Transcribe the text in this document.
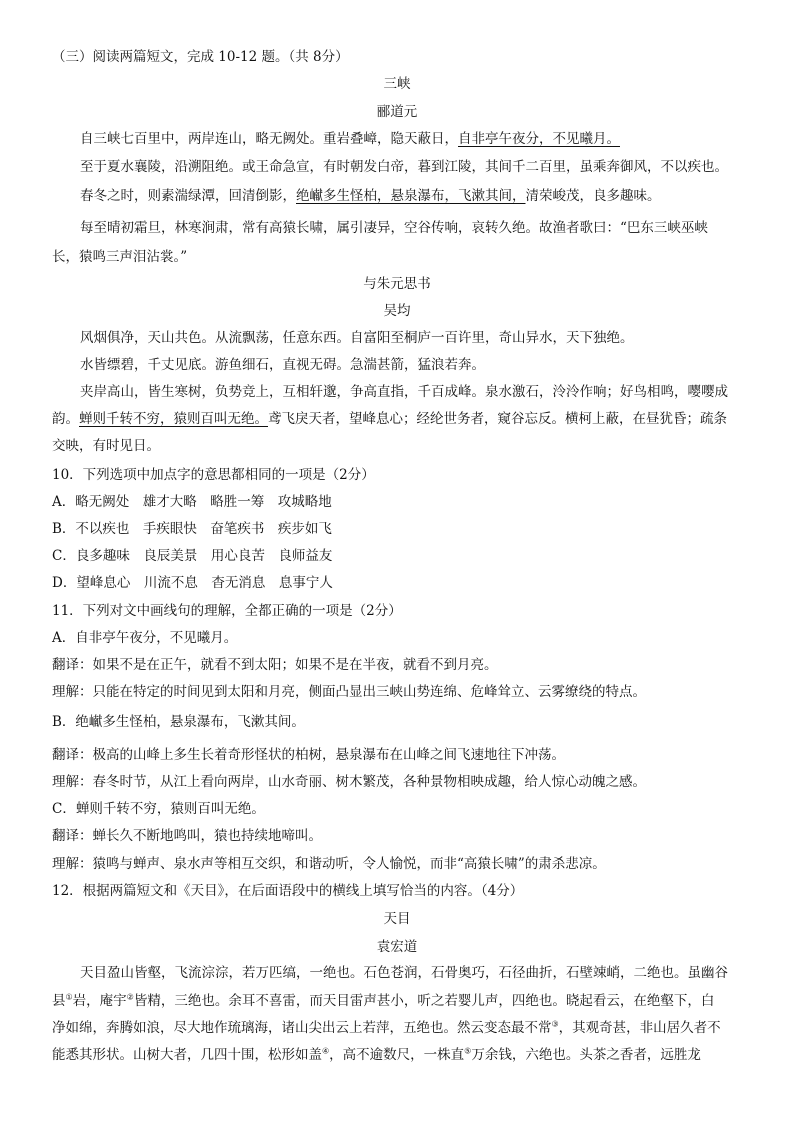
（三）阅读两篇短文，完成 10-12 题。（共 8分）
三峡
郦道元
自三峡七百里中，两岸连山，略无阙处。重岩叠嶂，隐天蔽日，自非亭午夜分，不见曦月。
至于夏水襄陵，沿溯阻绝。或王命急宣，有时朝发白帝，暮到江陵，其间千二百里，虽乘奔御风，不以疾也。
春冬之时，则素湍绿潭，回清倒影，绝𪩘多生怪柏，悬泉瀑布，飞漱其间，清荣峻茂，良多趣味。
每至晴初霜旦，林寒涧肃，常有高猿长啸，属引凄异，空谷传响，哀转久绝。故渔者歌曰：“巴东三峡巫峡
长，猿鸣三声泪沾裳。”
与朱元思书
吴均
风烟俱净，天山共色。从流飘荡，任意东西。自富阳至桐庐一百许里，奇山异水，天下独绝。
水皆缥碧，千丈见底。游鱼细石，直视无碍。急湍甚箭，猛浪若奔。
夹岸高山，皆生寒树，负势竞上，互相轩邈，争高直指，千百成峰。泉水激石，泠泠作响；好鸟相鸣，嘤嘤成
韵。蝉则千转不穷，猿则百叫无绝。鸢飞戾天者，望峰息心；经纶世务者，窥谷忘反。横柯上蔽，在昼犹昏；疏条
交映，有时见日。
10．下列选项中加点字的意思都相同的一项是（2分）
A．略无阙处　雄才大略　略胜一筹　攻城略地
B．不以疾也　手疾眼快　奋笔疾书　疾步如飞
C．良多趣味　良辰美景　用心良苦　良师益友
D．望峰息心　川流不息　杳无消息　息事宁人
11．下列对文中画线句的理解，全都正确的一项是（2分）
A．自非亭午夜分，不见曦月。
翻译：如果不是在正午，就看不到太阳；如果不是在半夜，就看不到月亮。
理解：只能在特定的时间见到太阳和月亮，侧面凸显出三峡山势连绵、危峰耸立、云雾缭绕的特点。
B．绝𪩘多生怪柏，悬泉瀑布，飞漱其间。
翻译：极高的山峰上多生长着奇形怪状的柏树，悬泉瀑布在山峰之间飞速地往下冲荡。
理解：春冬时节，从江上看向两岸，山水奇丽、树木繁茂，各种景物相映成趣，给人惊心动魄之感。
C．蝉则千转不穷，猿则百叫无绝。
翻译：蝉长久不断地鸣叫，猿也持续地啼叫。
理解：猿鸣与蝉声、泉水声等相互交织，和谐动听，令人愉悦，而非“高猿长啸”的肃杀悲凉。
12．根据两篇短文和《天目》，在后面语段中的横线上填写恰当的内容。（4分）
天目
袁宏道
天目盈山皆壑，飞流淙淙，若万匹缟，一绝也。石色苍润，石骨奥巧，石径曲折，石壁竦峭，二绝也。虽幽谷
县①岩，庵宇②皆精，三绝也。余耳不喜雷，而天目雷声甚小，听之若婴儿声，四绝也。晓起看云，在绝壑下，白
净如绵，奔腾如浪，尽大地作琉璃海，诸山尖出云上若萍，五绝也。然云变态最不常③，其观奇甚，非山居久者不
能悉其形状。山树大者，几四十围，松形如盖④，高不逾数尺，一株直⑤万余钱，六绝也。头茶之香者，远胜龙
